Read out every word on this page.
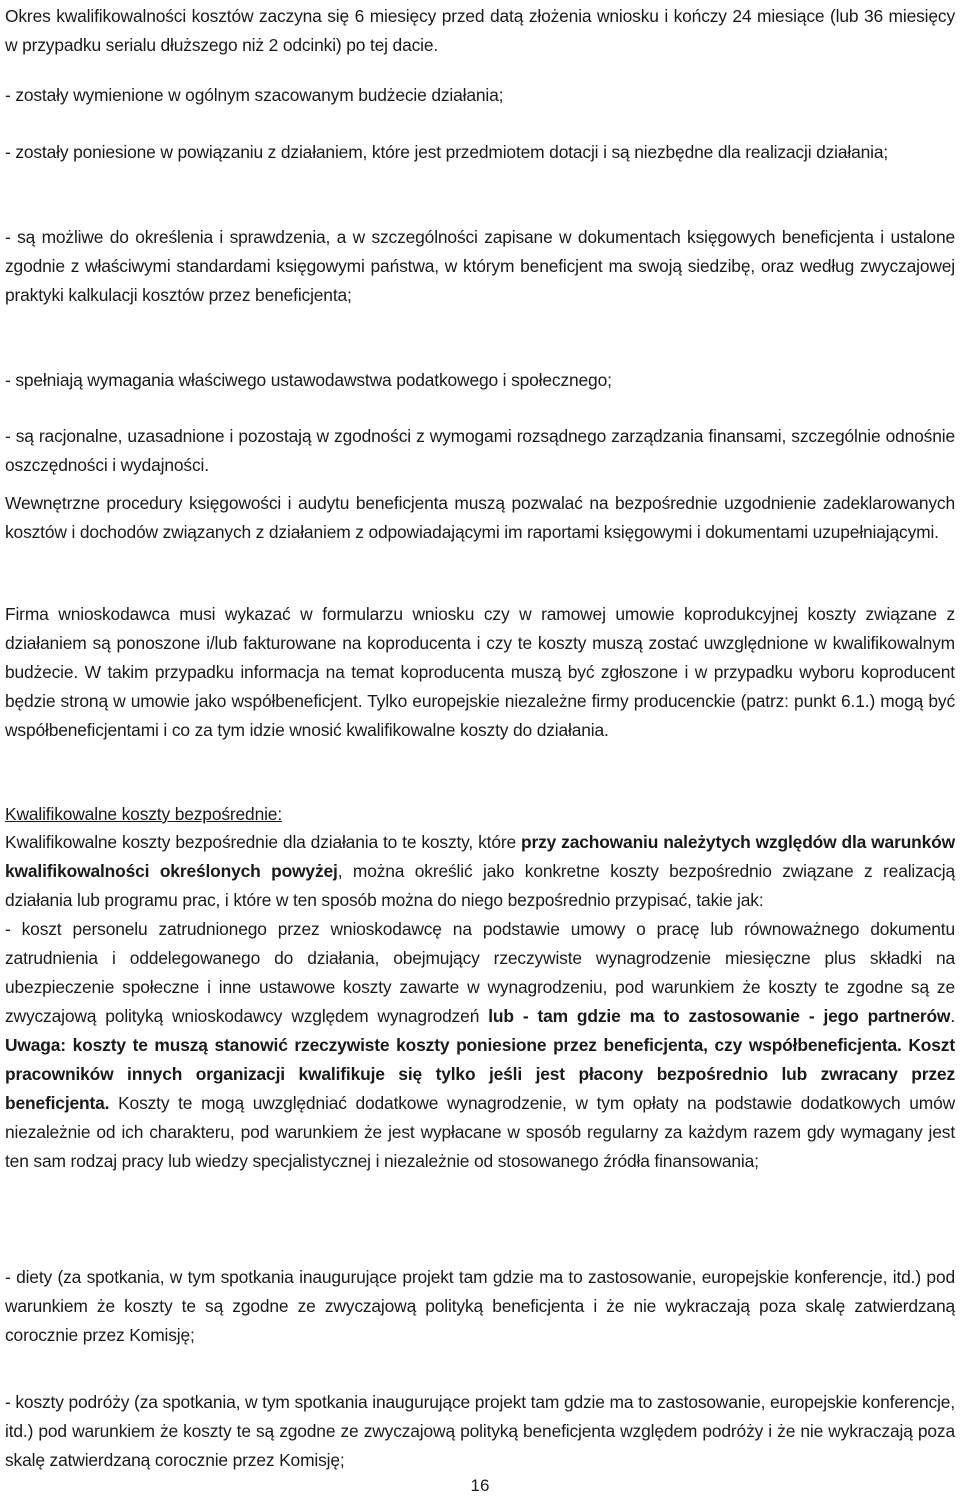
Okres kwalifikowalności kosztów zaczyna się 6 miesięcy przed datą złożenia wniosku i kończy 24 miesiące (lub 36 miesięcy w przypadku serialu dłuższego niż 2 odcinki) po tej dacie.

- zostały wymienione w ogólnym szacowanym budżecie działania;

- zostały poniesione w powiązaniu z działaniem, które jest przedmiotem dotacji i są niezbędne dla realizacji działania;

- są możliwe do określenia i sprawdzenia, a w szczególności zapisane w dokumentach księgowych beneficjenta i ustalone zgodnie z właściwymi standardami księgowymi państwa, w którym beneficjent ma swoją siedzibę, oraz według zwyczajowej praktyki kalkulacji kosztów przez beneficjenta;

- spełniają wymagania właściwego ustawodawstwa podatkowego i społecznego;

- są racjonalne, uzasadnione i pozostają w zgodności z wymogami rozsądnego zarządzania finansami, szczególnie odnośnie oszczędności i wydajności.

Wewnętrzne procedury księgowości i audytu beneficjenta muszą pozwalać na bezpośrednie uzgodnienie zadeklarowanych kosztów i dochodów związanych z działaniem z odpowiadającymi im raportami księgowymi i dokumentami uzupełniającymi.

Firma wnioskodawca musi wykazać w formularzu wniosku czy w ramowej umowie koprodukcyjnej koszty związane z działaniem są ponoszone i/lub fakturowane na koproducenta i czy te koszty muszą zostać uwzględnione w kwalifikowalnym budżecie. W takim przypadku informacja na temat koproducenta muszą być zgłoszone i w przypadku wyboru koproducent będzie stroną w umowie jako współbeneficjent. Tylko europejskie niezależne firmy producenckie (patrz: punkt 6.1.) mogą być współbeneficjentami i co za tym idzie wnosić kwalifikowalne koszty do działania.

Kwalifikowalne koszty bezpośrednie:

Kwalifikowalne koszty bezpośrednie dla działania to te koszty, które przy zachowaniu należytych względów dla warunków kwalifikowalności określonych powyżej, można określić jako konkretne koszty bezpośrednio związane z realizacją działania lub programu prac, i które w ten sposób można do niego bezpośrednio przypisać, takie jak:

- koszt personelu zatrudnionego przez wnioskodawcę na podstawie umowy o pracę lub równoważnego dokumentu zatrudnienia i oddelegowanego do działania, obejmujący rzeczywiste wynagrodzenie miesięczne plus składki na ubezpieczenie społeczne i inne ustawowe koszty zawarte w wynagrodzeniu, pod warunkiem że koszty te zgodne są ze zwyczajową polityką wnioskodawcy względem wynagrodzeń lub - tam gdzie ma to zastosowanie - jego partnerów. Uwaga: koszty te muszą stanowić rzeczywiste koszty poniesione przez beneficjenta, czy współbeneficjenta. Koszt pracowników innych organizacji kwalifikuje się tylko jeśli jest płacony bezpośrednio lub zwracany przez beneficjenta. Koszty te mogą uwzględniać dodatkowe wynagrodzenie, w tym opłaty na podstawie dodatkowych umów niezależnie od ich charakteru, pod warunkiem że jest wypłacane w sposób regularny za każdym razem gdy wymagany jest ten sam rodzaj pracy lub wiedzy specjalistycznej i niezależnie od stosowanego źródła finansowania;

- diety (za spotkania, w tym spotkania inaugurujące projekt tam gdzie ma to zastosowanie, europejskie konferencje, itd.) pod warunkiem że koszty te są zgodne ze zwyczajową polityką beneficjenta i że nie wykraczają poza skalę zatwierdzaną corocznie przez Komisję;

- koszty podróży (za spotkania, w tym spotkania inaugurujące projekt tam gdzie ma to zastosowanie, europejskie konferencje, itd.) pod warunkiem że koszty te są zgodne ze zwyczajową polityką beneficjenta względem podróży i że nie wykraczają poza skalę zatwierdzaną corocznie przez Komisję;

16
